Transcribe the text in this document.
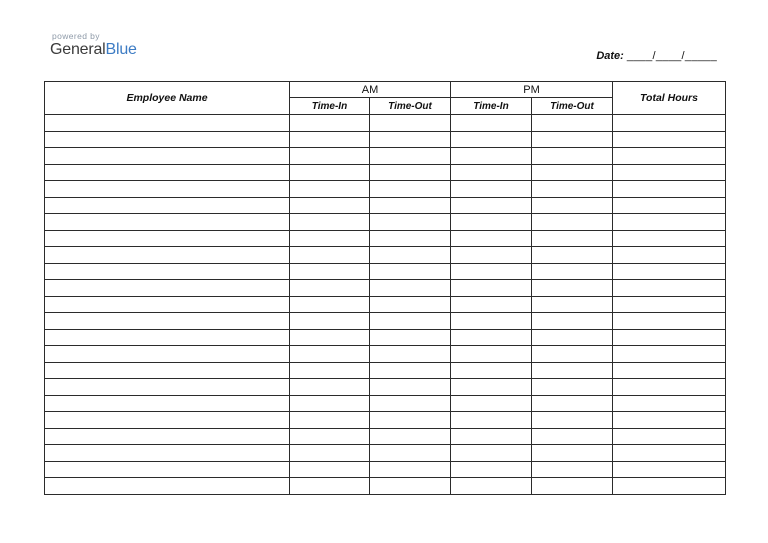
powered by
GeneralBlue	Date: ____/____/_____
Employee Name	AM		PM		Total Hours
	Time-In	Time-Out	Time-In	Time-Out	
